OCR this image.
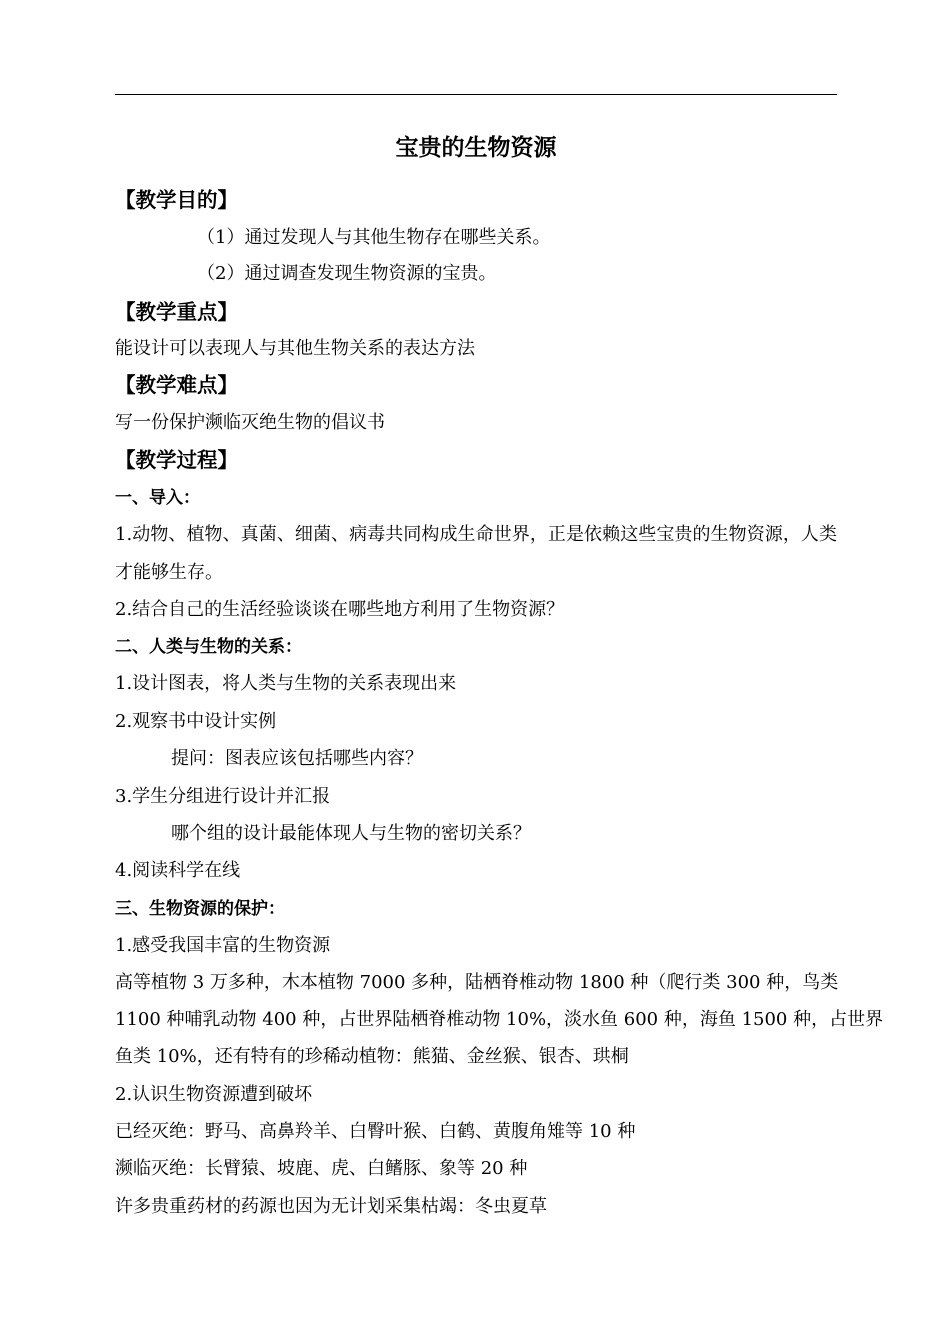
宝贵的生物资源
【教学目的】
（1）通过发现人与其他生物存在哪些关系。
（2）通过调查发现生物资源的宝贵。
【教学重点】
能设计可以表现人与其他生物关系的表达方法
【教学难点】
写一份保护濒临灭绝生物的倡议书
【教学过程】
一、导入：
1.动物、植物、真菌、细菌、病毒共同构成生命世界，正是依赖这些宝贵的生物资源，人类
才能够生存。
2.结合自己的生活经验谈谈在哪些地方利用了生物资源？
二、人类与生物的关系：
1.设计图表，将人类与生物的关系表现出来
2.观察书中设计实例
提问：图表应该包括哪些内容？
3.学生分组进行设计并汇报
哪个组的设计最能体现人与生物的密切关系？
4.阅读科学在线
三、生物资源的保护：
1.感受我国丰富的生物资源
高等植物 3 万多种，木本植物 7000 多种，陆栖脊椎动物 1800 种（爬行类 300 种，鸟类
1100 种哺乳动物 400 种，占世界陆栖脊椎动物 10%，淡水鱼 600 种，海鱼 1500 种，占世界
鱼类 10%，还有特有的珍稀动植物：熊猫、金丝猴、银杏、珙桐
2.认识生物资源遭到破坏
已经灭绝：野马、高鼻羚羊、白臀叶猴、白鹤、黄腹角雉等 10 种
濒临灭绝：长臂猿、坡鹿、虎、白鳍豚、象等 20 种
许多贵重药材的药源也因为无计划采集枯竭：冬虫夏草
